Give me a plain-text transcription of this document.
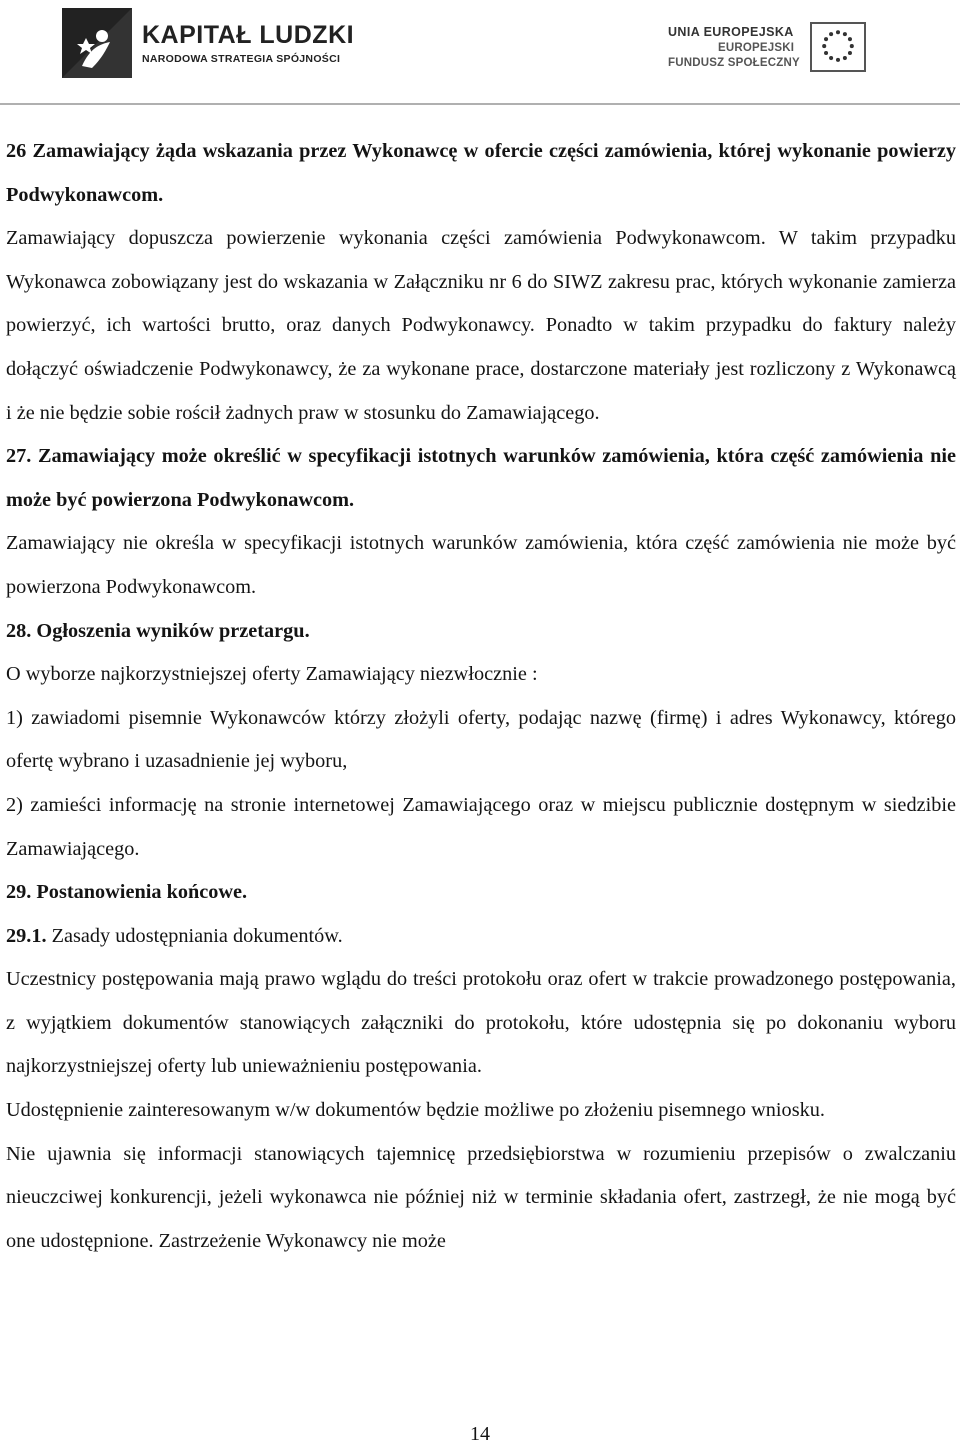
KAPITAŁ LUDZKI
NARODOWA STRATEGIA SPÓJNOŚCI
UNIA EUROPEJSKA
EUROPEJSKI
FUNDUSZ SPOŁECZNY

26 Zamawiający żąda wskazania przez Wykonawcę w ofercie części zamówienia, której wykonanie powierzy Podwykonawcom.

Zamawiający dopuszcza powierzenie wykonania części zamówienia Podwykonawcom. W takim przypadku Wykonawca zobowiązany jest do wskazania w Załączniku nr 6 do SIWZ zakresu prac, których wykonanie zamierza powierzyć, ich wartości brutto, oraz danych Podwykonawcy. Ponadto w takim przypadku do faktury należy dołączyć oświadczenie Podwykonawcy, że za wykonane prace, dostarczone materiały jest rozliczony z Wykonawcą i że nie będzie sobie rościł żadnych praw w stosunku do Zamawiającego.

27. Zamawiający może określić w specyfikacji istotnych warunków zamówienia, która część zamówienia nie może być powierzona Podwykonawcom.

Zamawiający nie określa w specyfikacji istotnych warunków zamówienia, która część zamówienia nie może być powierzona Podwykonawcom.

28. Ogłoszenia wyników przetargu.

O wyborze najkorzystniejszej oferty Zamawiający niezwłocznie :

1) zawiadomi pisemnie Wykonawców którzy złożyli oferty, podając nazwę (firmę) i adres Wykonawcy, którego ofertę wybrano i uzasadnienie jej wyboru,

2) zamieści informację na stronie internetowej Zamawiającego oraz w miejscu publicznie dostępnym w siedzibie Zamawiającego.

29. Postanowienia końcowe.

29.1. Zasady udostępniania dokumentów.

Uczestnicy postępowania mają prawo wglądu do treści protokołu oraz ofert w trakcie prowadzonego postępowania, z wyjątkiem dokumentów stanowiących załączniki do protokołu, które udostępnia się po dokonaniu wyboru najkorzystniejszej oferty lub unieważnieniu postępowania.

Udostępnienie zainteresowanym w/w dokumentów będzie możliwe po złożeniu pisemnego wniosku.

Nie ujawnia się informacji stanowiących tajemnicę przedsiębiorstwa w rozumieniu przepisów o zwalczaniu nieuczciwej konkurencji, jeżeli wykonawca nie później niż w terminie składania ofert, zastrzegł, że nie mogą być one udostępnione. Zastrzeżenie Wykonawcy nie może

14
